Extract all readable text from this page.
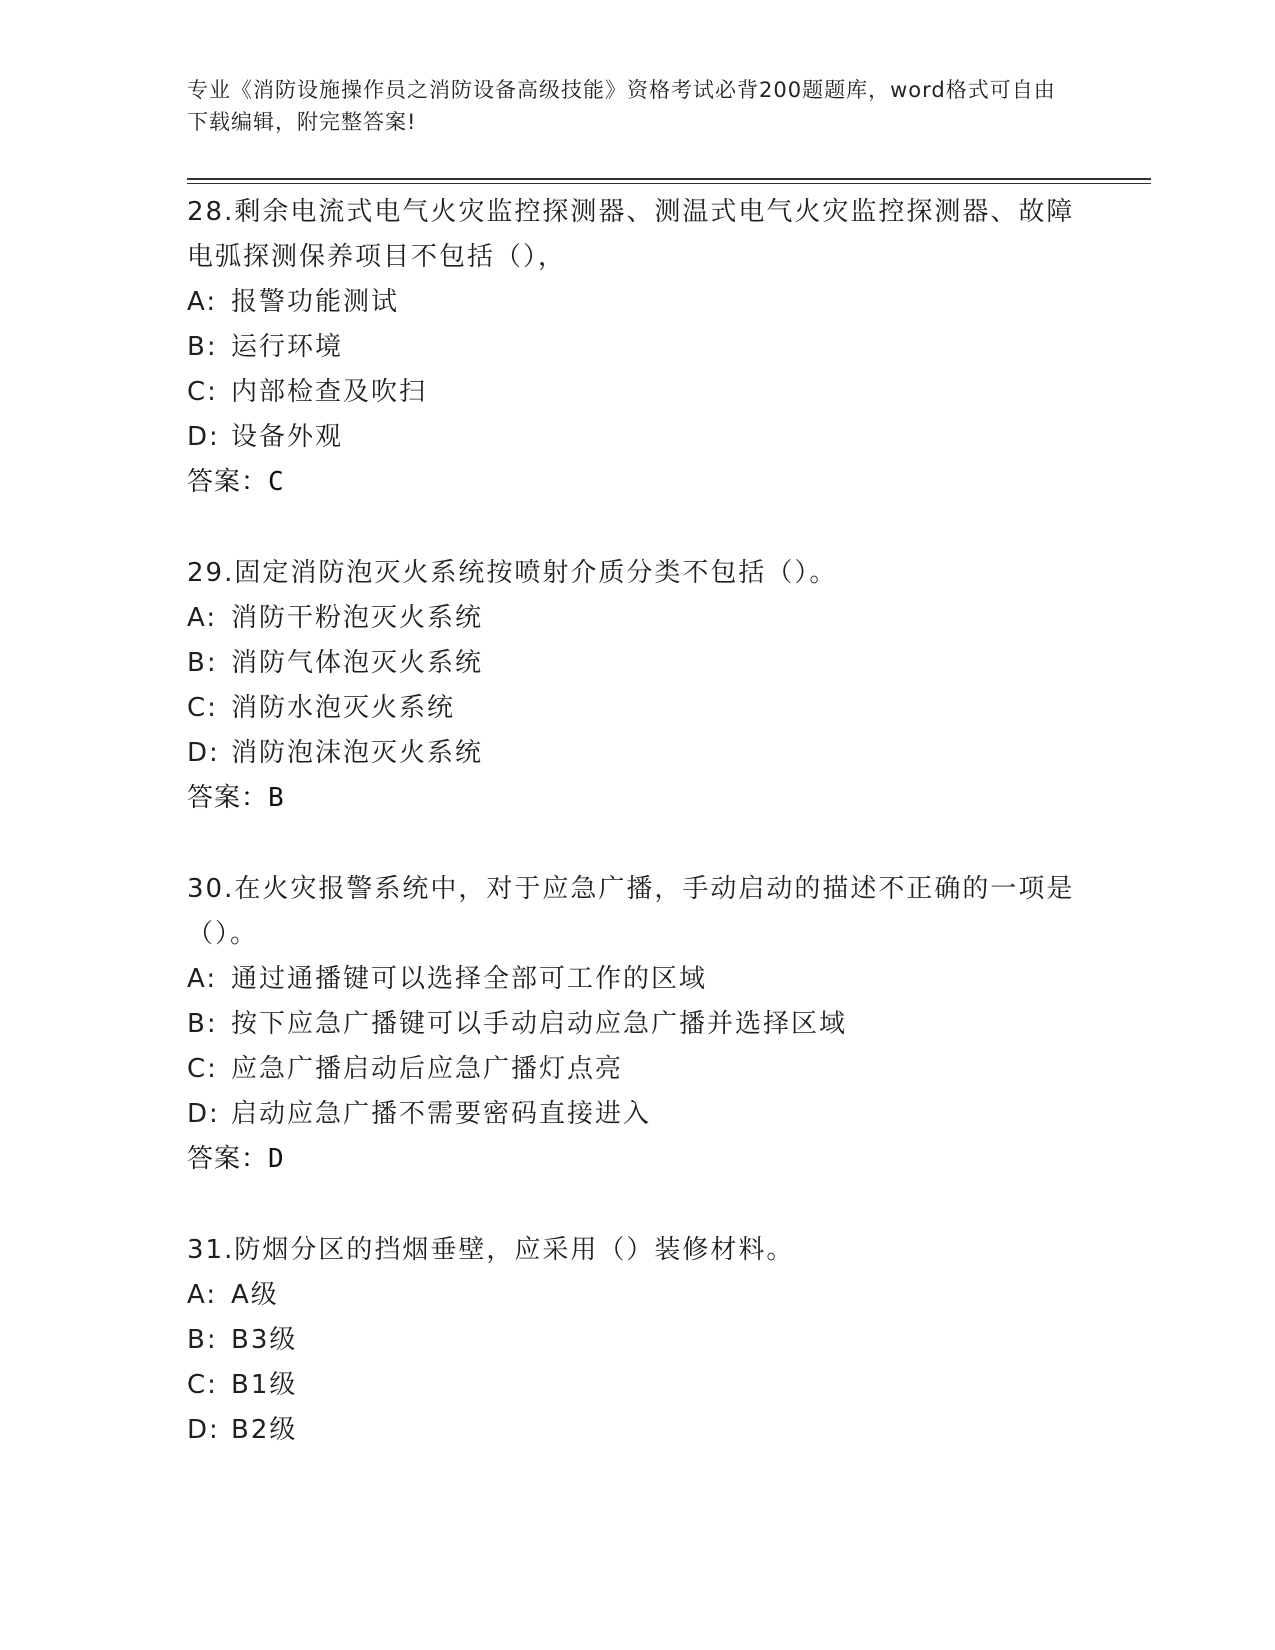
专业《消防设施操作员之消防设备高级技能》资格考试必背200题题库，word格式可自由下载编辑，附完整答案!
28.剩余电流式电气火灾监控探测器、测温式电气火灾监控探测器、故障电弧探测保养项目不包括（），
A: 报警功能测试
B: 运行环境
C: 内部检查及吹扫
D: 设备外观
答案：C
29.固定消防泡灭火系统按喷射介质分类不包括（）。
A: 消防干粉泡灭火系统
B: 消防气体泡灭火系统
C: 消防水泡灭火系统
D: 消防泡沫泡灭火系统
答案：B
30.在火灾报警系统中，对于应急广播，手动启动的描述不正确的一项是（）。
A: 通过通播键可以选择全部可工作的区域
B: 按下应急广播键可以手动启动应急广播并选择区域
C: 应急广播启动后应急广播灯点亮
D: 启动应急广播不需要密码直接进入
答案：D
31.防烟分区的挡烟垂壁，应采用（）装修材料。
A: A级
B: B3级
C: B1级
D: B2级
